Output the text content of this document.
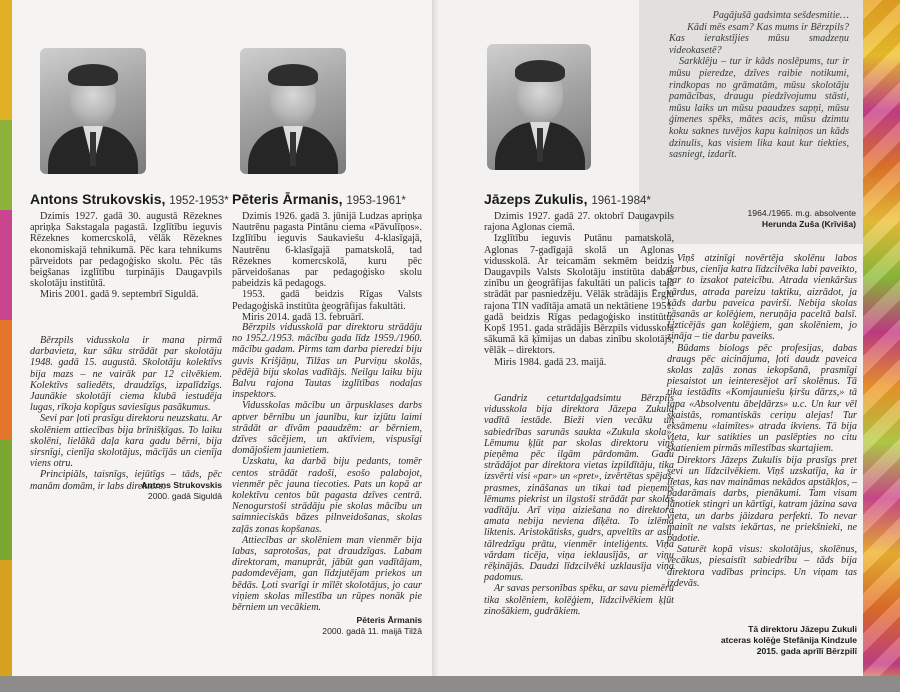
Antons Strukovskis, 1952-1953*

Dzimis 1927. gadā 30. augustā Rēzeknes apriņķa Sakstagala pagastā. Izglītību ieguvis Rēzeknes komercskolā, vēlāk Rēzeknes ekonomiskajā tehnikumā. Pēc kara tehnikums pārveidots par pedagoģisko skolu. Pēc tās beigšanas izglītību turpinājis Daugavpils skolotāju institūtā.

Miris 2001. gadā 9. septembrī Siguldā.

Bērzpils vidusskola ir mana pirmā darbavieta, kur sāku strādāt par skolotāju 1948. gadā 15. augustā. Skolotāju kolektīvs bija mazs – ne vairāk par 12 cilvēkiem. Kolektīvs saliedēts, draudzīgs, izpalīdzīgs. Jaunākie skolotāji ciema klubā iestudēja lugas, rīkoja kopīgus saviesīgus pasākumus.

Sevi par ļoti prasīgu direktoru neuzskatu. Ar skolēniem attiecības bija brīnišķīgas. To laiku skolēni, lielākā daļa kara gadu bērni, bija sirsnīgi, cienīja skolotājus, mācījās un cienīja viens otru.

Principiāls, taisnīgs, iejūtīgs – tāds, pēc manām domām, ir labs direktors.

Antons Strukovskis
2000. gadā Siguldā
Pēteris Ārmanis, 1953-1961*

Dzimis 1926. gadā 3. jūnijā Ludzas apriņķa Nautrēnu pagasta Pintānu ciema «Pāvulīņos». Izglītību ieguvis Saukaviešu 4-klasīgajā, Nautrēnu 6-klasīgajā pamatskolā, tad Rēzeknes komercskolā, kuru pēc pārveidošanas par pedagoģisko skolu pabeidzis kā pedagogs.

1953. gadā beidzis Rīgas Valsts Pedagoģiskā institūta ģeogrāfijas fakultāti.

Miris 2014. gadā 13. februārī.

Bērzpils vidusskolā par direktoru strādāju no 1952./1953. mācību gada līdz 1959./1960. mācību gadam. Pirms tam darba pieredzi biju guvis Krišjāņu, Tilžas un Purviņu skolās, pēdējā biju skolas vadītājs. Neilgu laiku biju Balvu rajona Tautas izglītības nodaļas inspektors.

Vidusskolas mācību un ārpusklases darbs aptver bērnību un jaunību, kur izjūtu laimi strādāt ar dīvām paaudzēm: ar bērniem, dzīves sācējiem, un aktīviem, vispusīgi domājošiem jaunietiem.

Uzskatu, ka darbā biju pedants, tomēr centos strādāt radoši, esošo palabojot, vienmēr pēc jauna tiecoties. Pats un kopā ar kolektīvu centos būt pagasta dzīves centrā. Nenogurstoši strādāju pie skolas mācību un saimnieciskās bāzes pilnveidošanas, skolas zaļās zonas kopšanas.

Attiecības ar skolēniem man vienmēr bija labas, saprotošas, pat draudzīgas. Labam direktoram, manuprāt, jābūt gan vadītājam, padomdevējam, gan līdzjutējam priekos un bēdās. Ļoti svarīgi ir mīlēt skolotājus, jo caur viņiem skolas mīlestība un rūpes nonāk pie bērniem un vecākiem.

Pēteris Ārmanis
2000. gadā 11. maijā Tilžā
Pagājušā gadsimta sešdesmitie…
Kādi mēs esam? Kas mums ir Bērzpils?
Kas ierakstījies mūsu smadzeņu videokasetē?
Sarkklēju – tur ir kāds noslēpums, tur ir mūsu pieredze, dzīves raibie notikumi, rindkopas no grāmatām, mūsu skolotāju pamācības, draugu piedzīvojumu stāsti, mūsu laiks un mūsu paaudzes sapņi, mūsu ģimenes spēks, mātes acis, mūsu dzimtu koku saknes tuvējos kapu kalniņos un kāds dzinulis, kas visiem lika kaut kur tiekties, sasniegt, izdarīt.
1964./1965. m.g. absolvente
Herunda Zuša (Krīviša)
Jāzeps Zukulis, 1961-1984*

Dzimis 1927. gadā 27. oktobrī Daugavpils rajona Aglonas ciemā.

Izglītību ieguvis Putānu pamatskolā, Aglonas 7-gadīgajā skolā un Aglonas vidusskolā. Ar teicamām sekmēm beidzis Daugavpils Valsts Skolotāju institūta dabas zinību un ģeogrāfijas fakultāti un palicis tajā strādāt par pasniedzēju. Vēlāk strādājis Ērgļu rajona TIN vadītāja amatā un nektātiene 1951. gadā beidzis Rīgas pedagoģisko institūtu. Kopš 1951. gada strādājis Bērzpils vidusskolā sākumā kā ķīmijas un dabas zinību skolotājs, vēlāk – direktors.

Miris 1984. gadā 23. maijā.

Gandriz ceturtdaļgadsimtu Bērzpils vidusskola bija direktora Jāzepa Zukula vadītā iestāde. Bieži vien vecāku un sabiedrības sarunās saukta «Zukula skola». Lēmumu ķļūt par skolas direktoru viņš pieņēma pēc ilgām pārdomām. Gadu strādājot par direktora vietas izpildītāju, tika izsvērti visi «par» un «pret», izvērtētas spējas, prasmes, zināšanas un tikai tad pieņemts lēmums piekrist un ilgstoši strādāt par skolas vadītāju. Arī viņa aiziešana no direktora amata nebija neviena dīķēta. To izlēma liktenis. Aristokātisks, gudrs, apveltīts ar asu, tālredzīgu prātu, vienmēr inteliģents. Viņa vārdam ticēja, viņa ieklausījās, ar viņu rēķinājās. Daudzi līdzcilvēki uzklausīja viņa padomus.

Ar savas personības spēku, ar savu piemēru tika skolēniem, kolēģiem, līdzcilvēkiem ķļūt zinošākiem, gudrākiem.

Viņš atzinīgi novērtēja skolēnu labos darbus, cienīja katra līdzcilvēka labi paveikto, par to izsakot pateicību. Atrada vienkāršus vārdus, atrada pareizu taktiku, aizrādot, ja kāds darbu paveica pavirši. Nebija skolas rāsanās ar kolēģiem, neruņāja paceltā balsī. Uzticējās gan kolēģiem, gan skolēniem, jo zināja – tie darbu paveiks.

Būdams biologs pēc profesijas, dabas draugs pēc aicinājuma, ļoti daudz paveica skolas zaļās zonas iekopšanā, prasmīgi piesaistot un ieinteresējot arī skolēnus. Tā tika iestādīts «Komjauniešu ķiršu dārzs,» tā tapa «Absolventu ābeļdārzs» u.c. Un kur vēl skaistās, romantiskās ceriņu alejas! Tur eksāmenu «laimītes» atrada ikviens. Tā bija vieta, kur satiktiеs un paslēpties no citu skatieniem pirmās mīlestības skartajiem.

Direktors Jāzeps Zukulis bija prasīgs pret sevi un līdzcilvēkiem. Viņš uzskatīja, ka ir lietas, kas nav maināmas nekādos apstākļos, – padarāmais darbs, pienākumi. Tam visam jānotiek stingri un kārtīgi, katram jāzina sava vieta, un darbs jāizdara perfekti. To nevar mainīt ne valsts iekārtas, ne priekšnieki, ne padotie.

Saturēt kopā visus: skolotājus, skolēnus, vecākus, piesaistīt sabiedrību – tāds bija direktora vadības princips. Un viņam tas izdevās.

Tā direktoru Jāzepu Zukuli
atceras kolēģe Stefānija Kindzule
2015. gada aprīlī Bērzpilī
